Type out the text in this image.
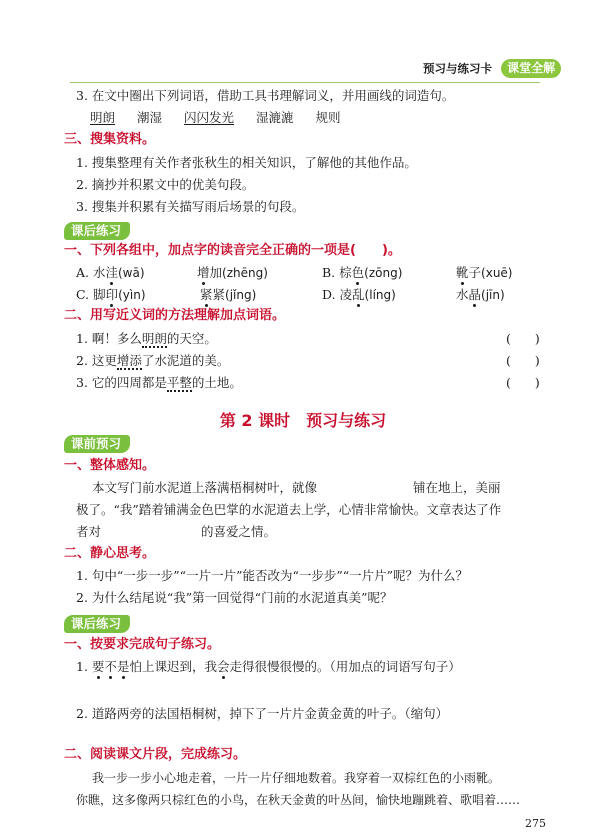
预习与练习卡 课堂全解
3. 在文中圈出下列词语，借助工具书理解词义，并用画线的词造句。
明朗 潮湿 闪闪发光 湿漉漉 规则
三、搜集资料。
1. 搜集整理有关作者张秋生的相关知识，了解他的其他作品。
2. 摘抄并积累文中的优美句段。
3. 搜集并积累有关描写雨后场景的句段。
课后练习
一、下列各组中，加点字的读音完全正确的一项是( )。
A. 水洼(wā)	增加(zhēng)	B. 棕色(zōng)	靴子(xuē)
C. 脚印(yìn)	紧紧(jǐng)	D. 凌乱(líng)	水晶(jīn)
二、用写近义词的方法理解加点词语。
1. 啊！多么明朗的天空。	( )
2. 这更增添了水泥道的美。	( )
3. 它的四周都是平整的土地。	( )
第 2 课时　预习与练习
课前预习
一、整体感知。
本文写门前水泥道上落满梧桐树叶，就像	铺在地上，美丽
极了。“我”踏着铺满金色巴掌的水泥道去上学，心情非常愉快。文章表达了作
者对	的喜爱之情。
二、静心思考。
1. 句中“一步一步”“一片一片”能否改为“一步步”“一片片”呢？为什么？
2. 为什么结尾说“我”第一回觉得“门前的水泥道真美”呢？
课后练习
一、按要求完成句子练习。
1. 要不是怕上课迟到，我会走得很慢很慢的。（用加点的词语写句子）
2. 道路两旁的法国梧桐树，掉下了一片片金黄金黄的叶子。（缩句）
二、阅读课文片段，完成练习。
我一步一步小心地走着，一片一片仔细地数着。我穿着一双棕红色的小雨靴。
你瞧，这多像两只棕红色的小鸟，在秋天金黄的叶丛间，愉快地蹦跳着、歌唱着……
275
